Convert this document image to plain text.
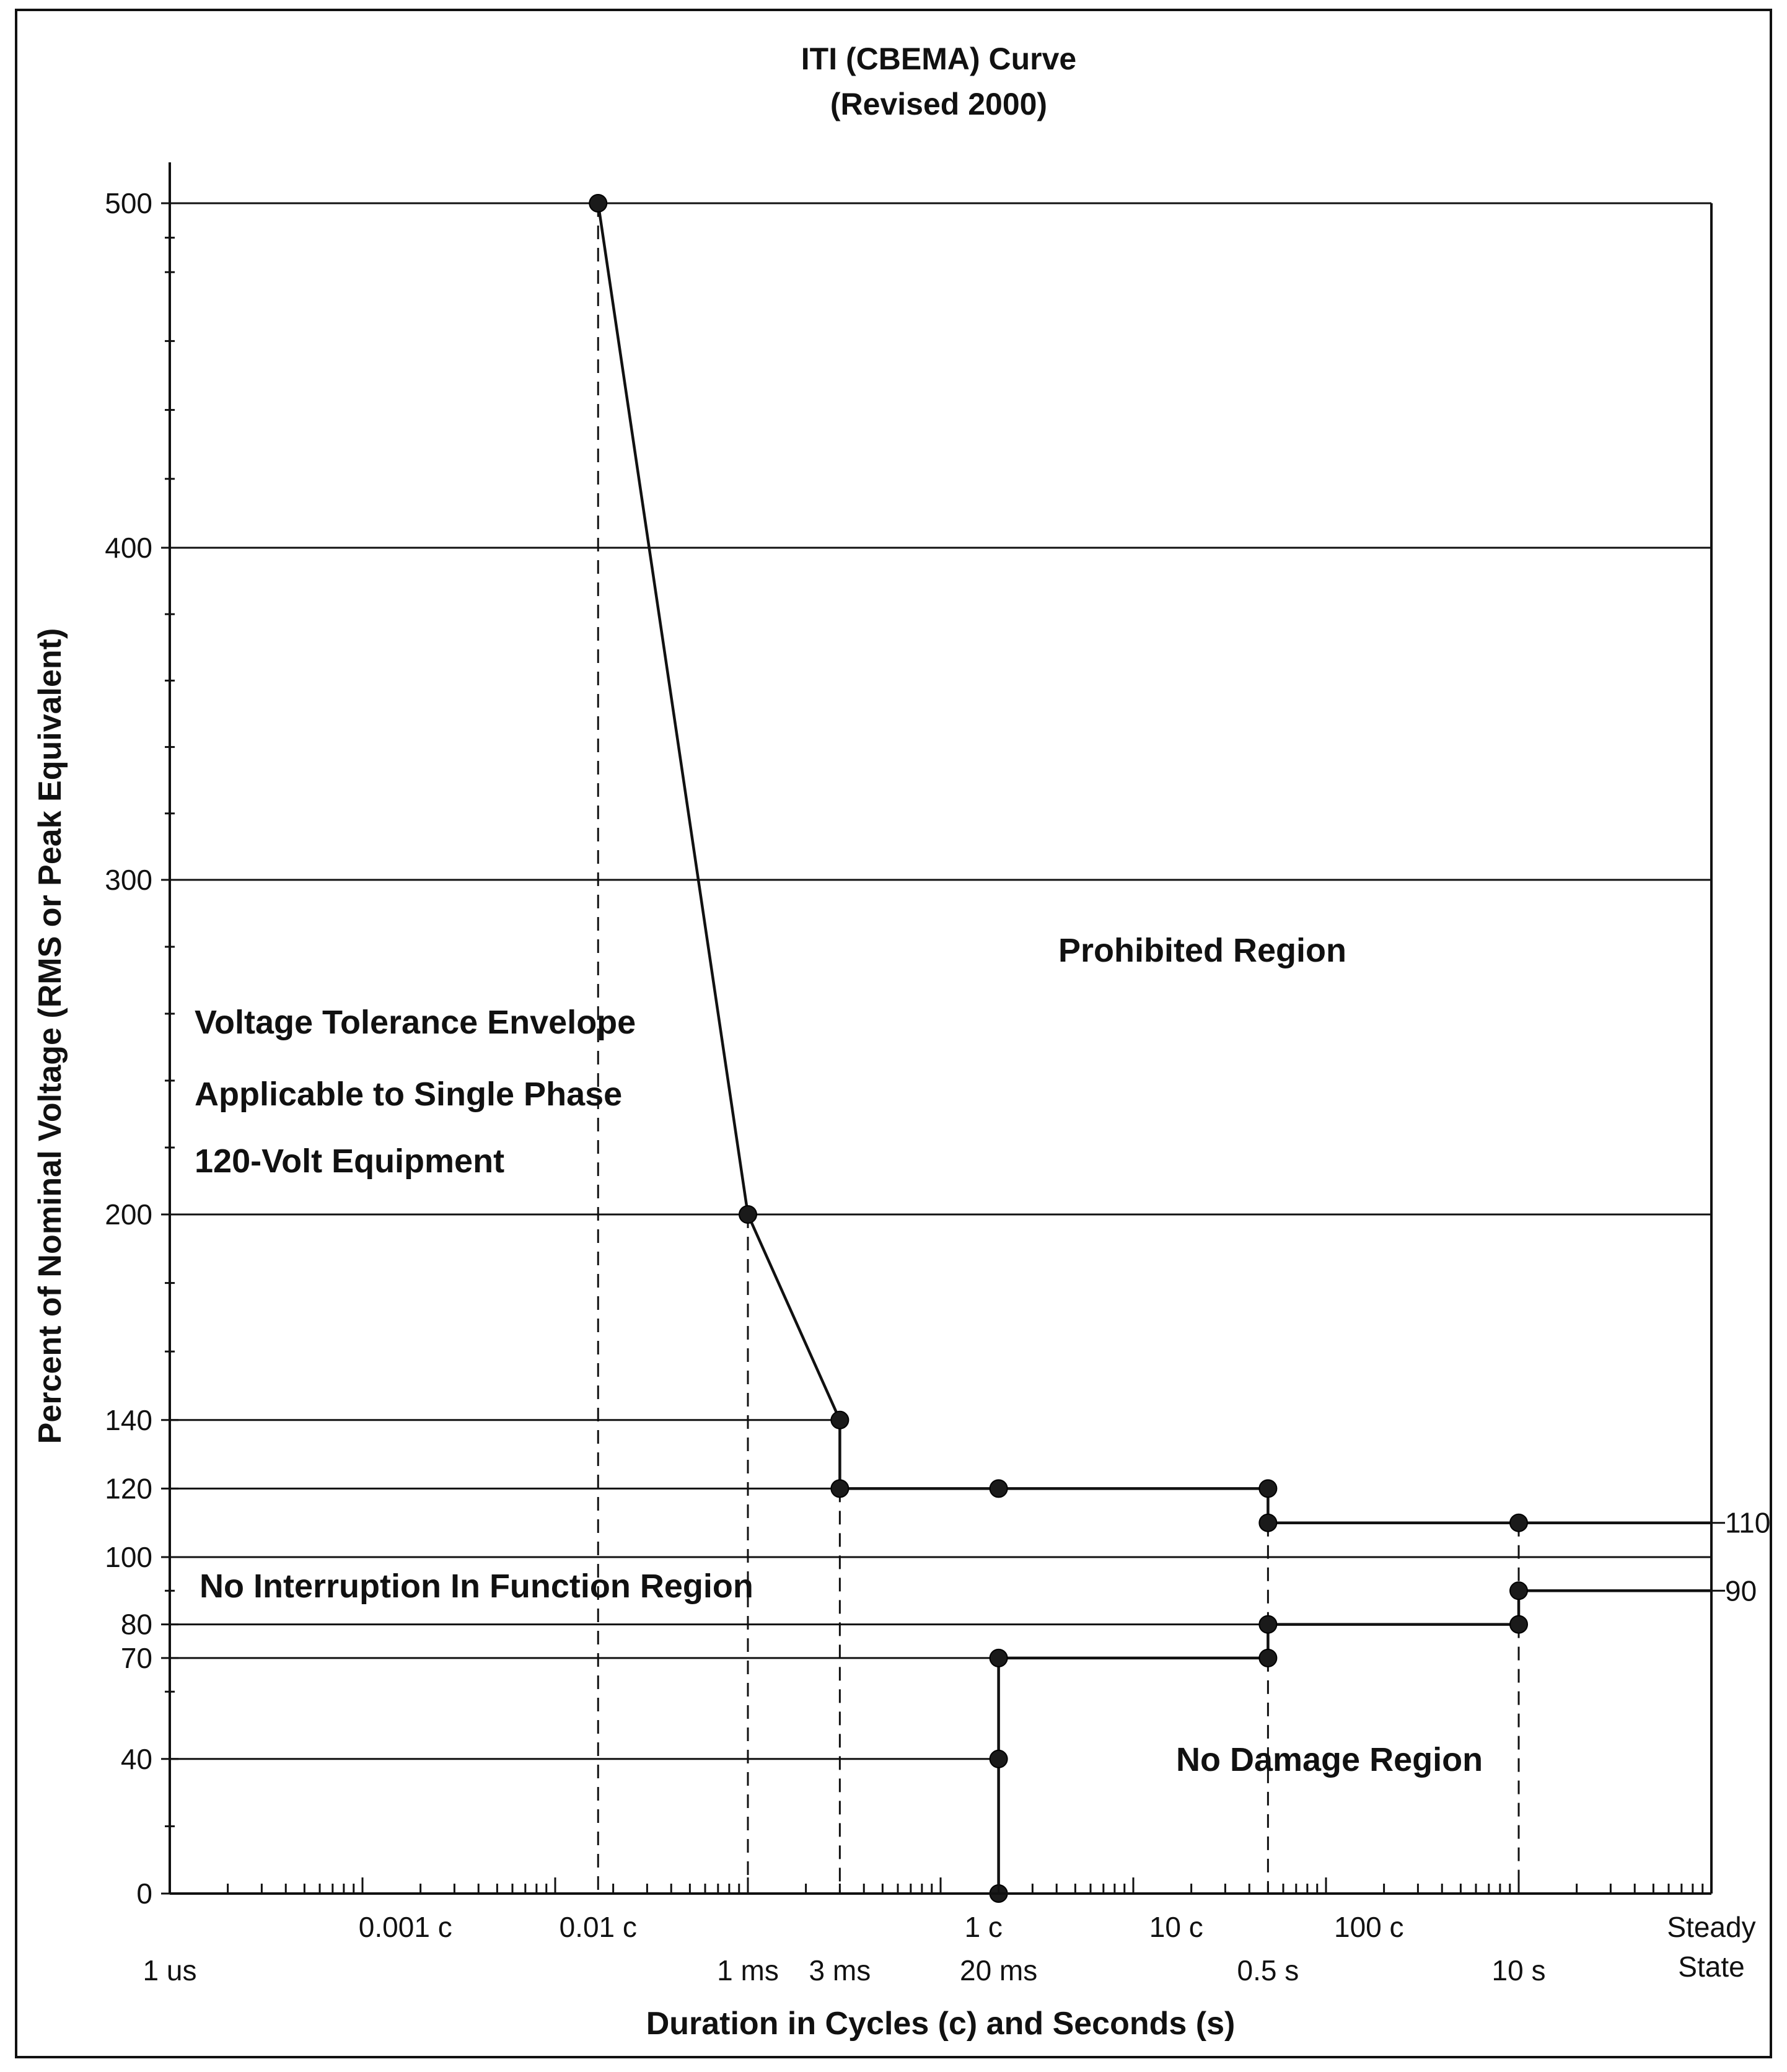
ITI (CBEMA) Curve
(Revised 2000)
0
40
70
80
100
120
140
200
300
400
500
0.001 c	0.01 c	1 c	10 c	100 c	Steady
State
1 us	1 ms 3 ms	20 ms	0.5 s	10 s
110
90
Duration in Cycles (c) and Seconds (s)
Percent of Nominal Voltage (RMS or Peak Equivalent)	Prohibited Region
No Interruption In Function Region
No Damage Region
Voltage Tolerance Envelope
Applicable to Single Phase
120-Volt Equipment
